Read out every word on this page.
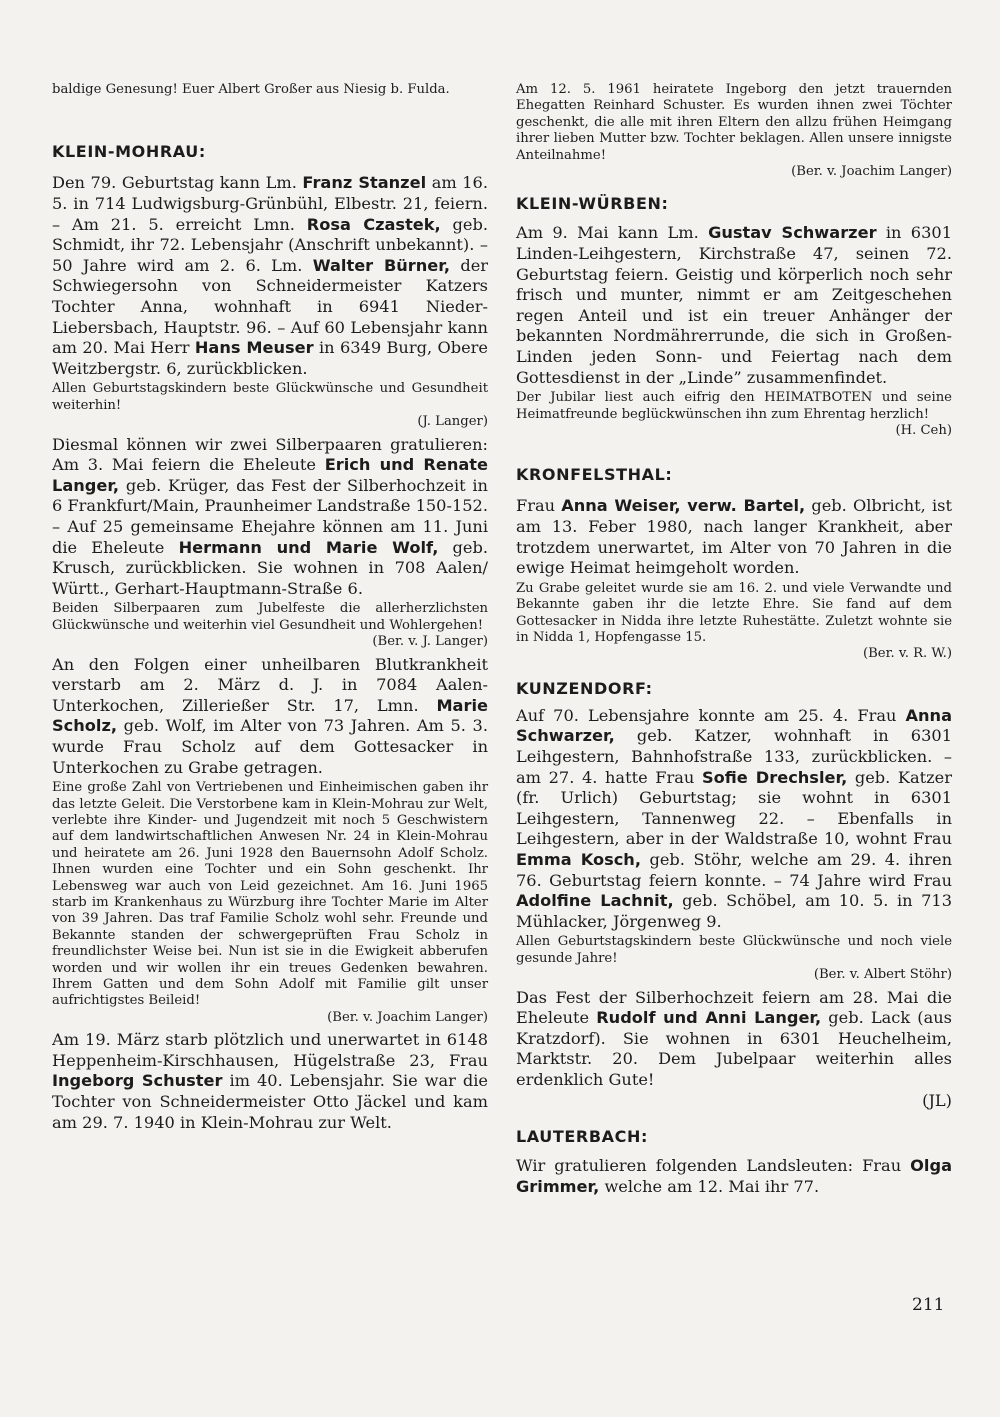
baldige Genesung! Euer Albert Großer aus Niesig b. Fulda.

KLEIN-MOHRAU:

Den 79. Geburtstag kann Lm. Franz Stanzel am 16. 5. in 714 Ludwigsburg-Grünbühl, Elbestr. 21, feiern. – Am 21. 5. erreicht Lmn. Rosa Czastek, geb. Schmidt, ihr 72. Lebensjahr (Anschrift unbekannt). – 50 Jahre wird am 2. 6. Lm. Walter Bürner, der Schwiegersohn von Schneidermeister Katzers Tochter Anna, wohnhaft in 6941 Nieder-Liebersbach, Hauptstr. 96. – Auf 60 Lebensjahr kann am 20. Mai Herr Hans Meuser in 6349 Burg, Obere Weitzbergstr. 6, zurückblicken.

Allen Geburtstagskindern beste Glückwünsche und Gesundheit weiterhin!

(J. Langer)

Diesmal können wir zwei Silberpaaren gratulieren: Am 3. Mai feiern die Eheleute Erich und Renate Langer, geb. Krüger, das Fest der Silberhochzeit in 6 Frankfurt/Main, Praunheimer Landstraße 150-152. – Auf 25 gemeinsame Ehejahre können am 11. Juni die Eheleute Hermann und Marie Wolf, geb. Krusch, zurückblicken. Sie wohnen in 708 Aalen/ Württ., Gerhart-Hauptmann-Straße 6.

Beiden Silberpaaren zum Jubelfeste die allerherzlichsten Glückwünsche und weiterhin viel Gesundheit und Wohlergehen!

(Ber. v. J. Langer)

An den Folgen einer unheilbaren Blutkrankheit verstarb am 2. März d. J. in 7084 Aalen-Unterkochen, Zillerießer Str. 17, Lmn. Marie Scholz, geb. Wolf, im Alter von 73 Jahren. Am 5. 3. wurde Frau Scholz auf dem Gottesacker in Unterkochen zu Grabe getragen.

Eine große Zahl von Vertriebenen und Einheimischen gaben ihr das letzte Geleit. Die Verstorbene kam in Klein-Mohrau zur Welt, verlebte ihre Kinder- und Jugendzeit mit noch 5 Geschwistern auf dem landwirtschaftlichen Anwesen Nr. 24 in Klein-Mohrau und heiratete am 26. Juni 1928 den Bauernsohn Adolf Scholz. Ihnen wurden eine Tochter und ein Sohn geschenkt. Ihr Lebensweg war auch von Leid gezeichnet. Am 16. Juni 1965 starb im Krankenhaus zu Würzburg ihre Tochter Marie im Alter von 39 Jahren. Das traf Familie Scholz wohl sehr. Freunde und Bekannte standen der schwergeprüften Frau Scholz in freundlichster Weise bei. Nun ist sie in die Ewigkeit abberufen worden und wir wollen ihr ein treues Gedenken bewahren. Ihrem Gatten und dem Sohn Adolf mit Familie gilt unser aufrichtigstes Beileid!

(Ber. v. Joachim Langer)

Am 19. März starb plötzlich und unerwartet in 6148 Heppenheim-Kirschhausen, Hügelstraße 23, Frau Ingeborg Schuster im 40. Lebensjahr. Sie war die Tochter von Schneidermeister Otto Jäckel und kam am 29. 7. 1940 in Klein-Mohrau zur Welt.

Am 12. 5. 1961 heiratete Ingeborg den jetzt trauernden Ehegatten Reinhard Schuster. Es wurden ihnen zwei Töchter geschenkt, die alle mit ihren Eltern den allzu frühen Heimgang ihrer lieben Mutter bzw. Tochter beklagen. Allen unsere innigste Anteilnahme!

(Ber. v. Joachim Langer)
KLEIN-WÜRBEN:

Am 9. Mai kann Lm. Gustav Schwarzer in 6301 Linden-Leihgestern, Kirchstraße 47, seinen 72. Geburtstag feiern. Geistig und körperlich noch sehr frisch und munter, nimmt er am Zeitgeschehen regen Anteil und ist ein treuer Anhänger der bekannten Nordmährerrunde, die sich in Großen-Linden jeden Sonn- und Feiertag nach dem Gottesdienst in der „Linde” zusammenfindet.

Der Jubilar liest auch eifrig den HEIMATBOTEN und seine Heimatfreunde beglückwünschen ihn zum Ehrentag herzlich!

(H. Ceh)
KRONFELSTHAL:

Frau Anna Weiser, verw. Bartel, geb. Olbricht, ist am 13. Feber 1980, nach langer Krankheit, aber trotzdem unerwartet, im Alter von 70 Jahren in die ewige Heimat heimgeholt worden.

Zu Grabe geleitet wurde sie am 16. 2. und viele Verwandte und Bekannte gaben ihr die letzte Ehre. Sie fand auf dem Gottesacker in Nidda ihre letzte Ruhestätte. Zuletzt wohnte sie in Nidda 1, Hopfengasse 15.

(Ber. v. R. W.)
KUNZENDORF:

Auf 70. Lebensjahre konnte am 25. 4. Frau Anna Schwarzer, geb. Katzer, wohnhaft in 6301 Leihgestern, Bahnhofstraße 133, zurückblicken. – am 27. 4. hatte Frau Sofie Drechsler, geb. Katzer (fr. Urlich) Geburtstag; sie wohnt in 6301 Leihgestern, Tannenweg 22. – Ebenfalls in Leihgestern, aber in der Waldstraße 10, wohnt Frau Emma Kosch, geb. Stöhr, welche am 29. 4. ihren 76. Geburtstag feiern konnte. – 74 Jahre wird Frau Adolfine Lachnit, geb. Schöbel, am 10. 5. in 713 Mühlacker, Jörgenweg 9.

Allen Geburtstagskindern beste Glückwünsche und noch viele gesunde Jahre!

(Ber. v. Albert Stöhr)

Das Fest der Silberhochzeit feiern am 28. Mai die Eheleute Rudolf und Anni Langer, geb. Lack (aus Kratzdorf). Sie wohnen in 6301 Heuchelheim, Marktstr. 20. Dem Jubelpaar weiterhin alles erdenklich Gute!

(JL)
LAUTERBACH:

Wir gratulieren folgenden Landsleuten: Frau Olga Grimmer, welche am 12. Mai ihr 77.

211
